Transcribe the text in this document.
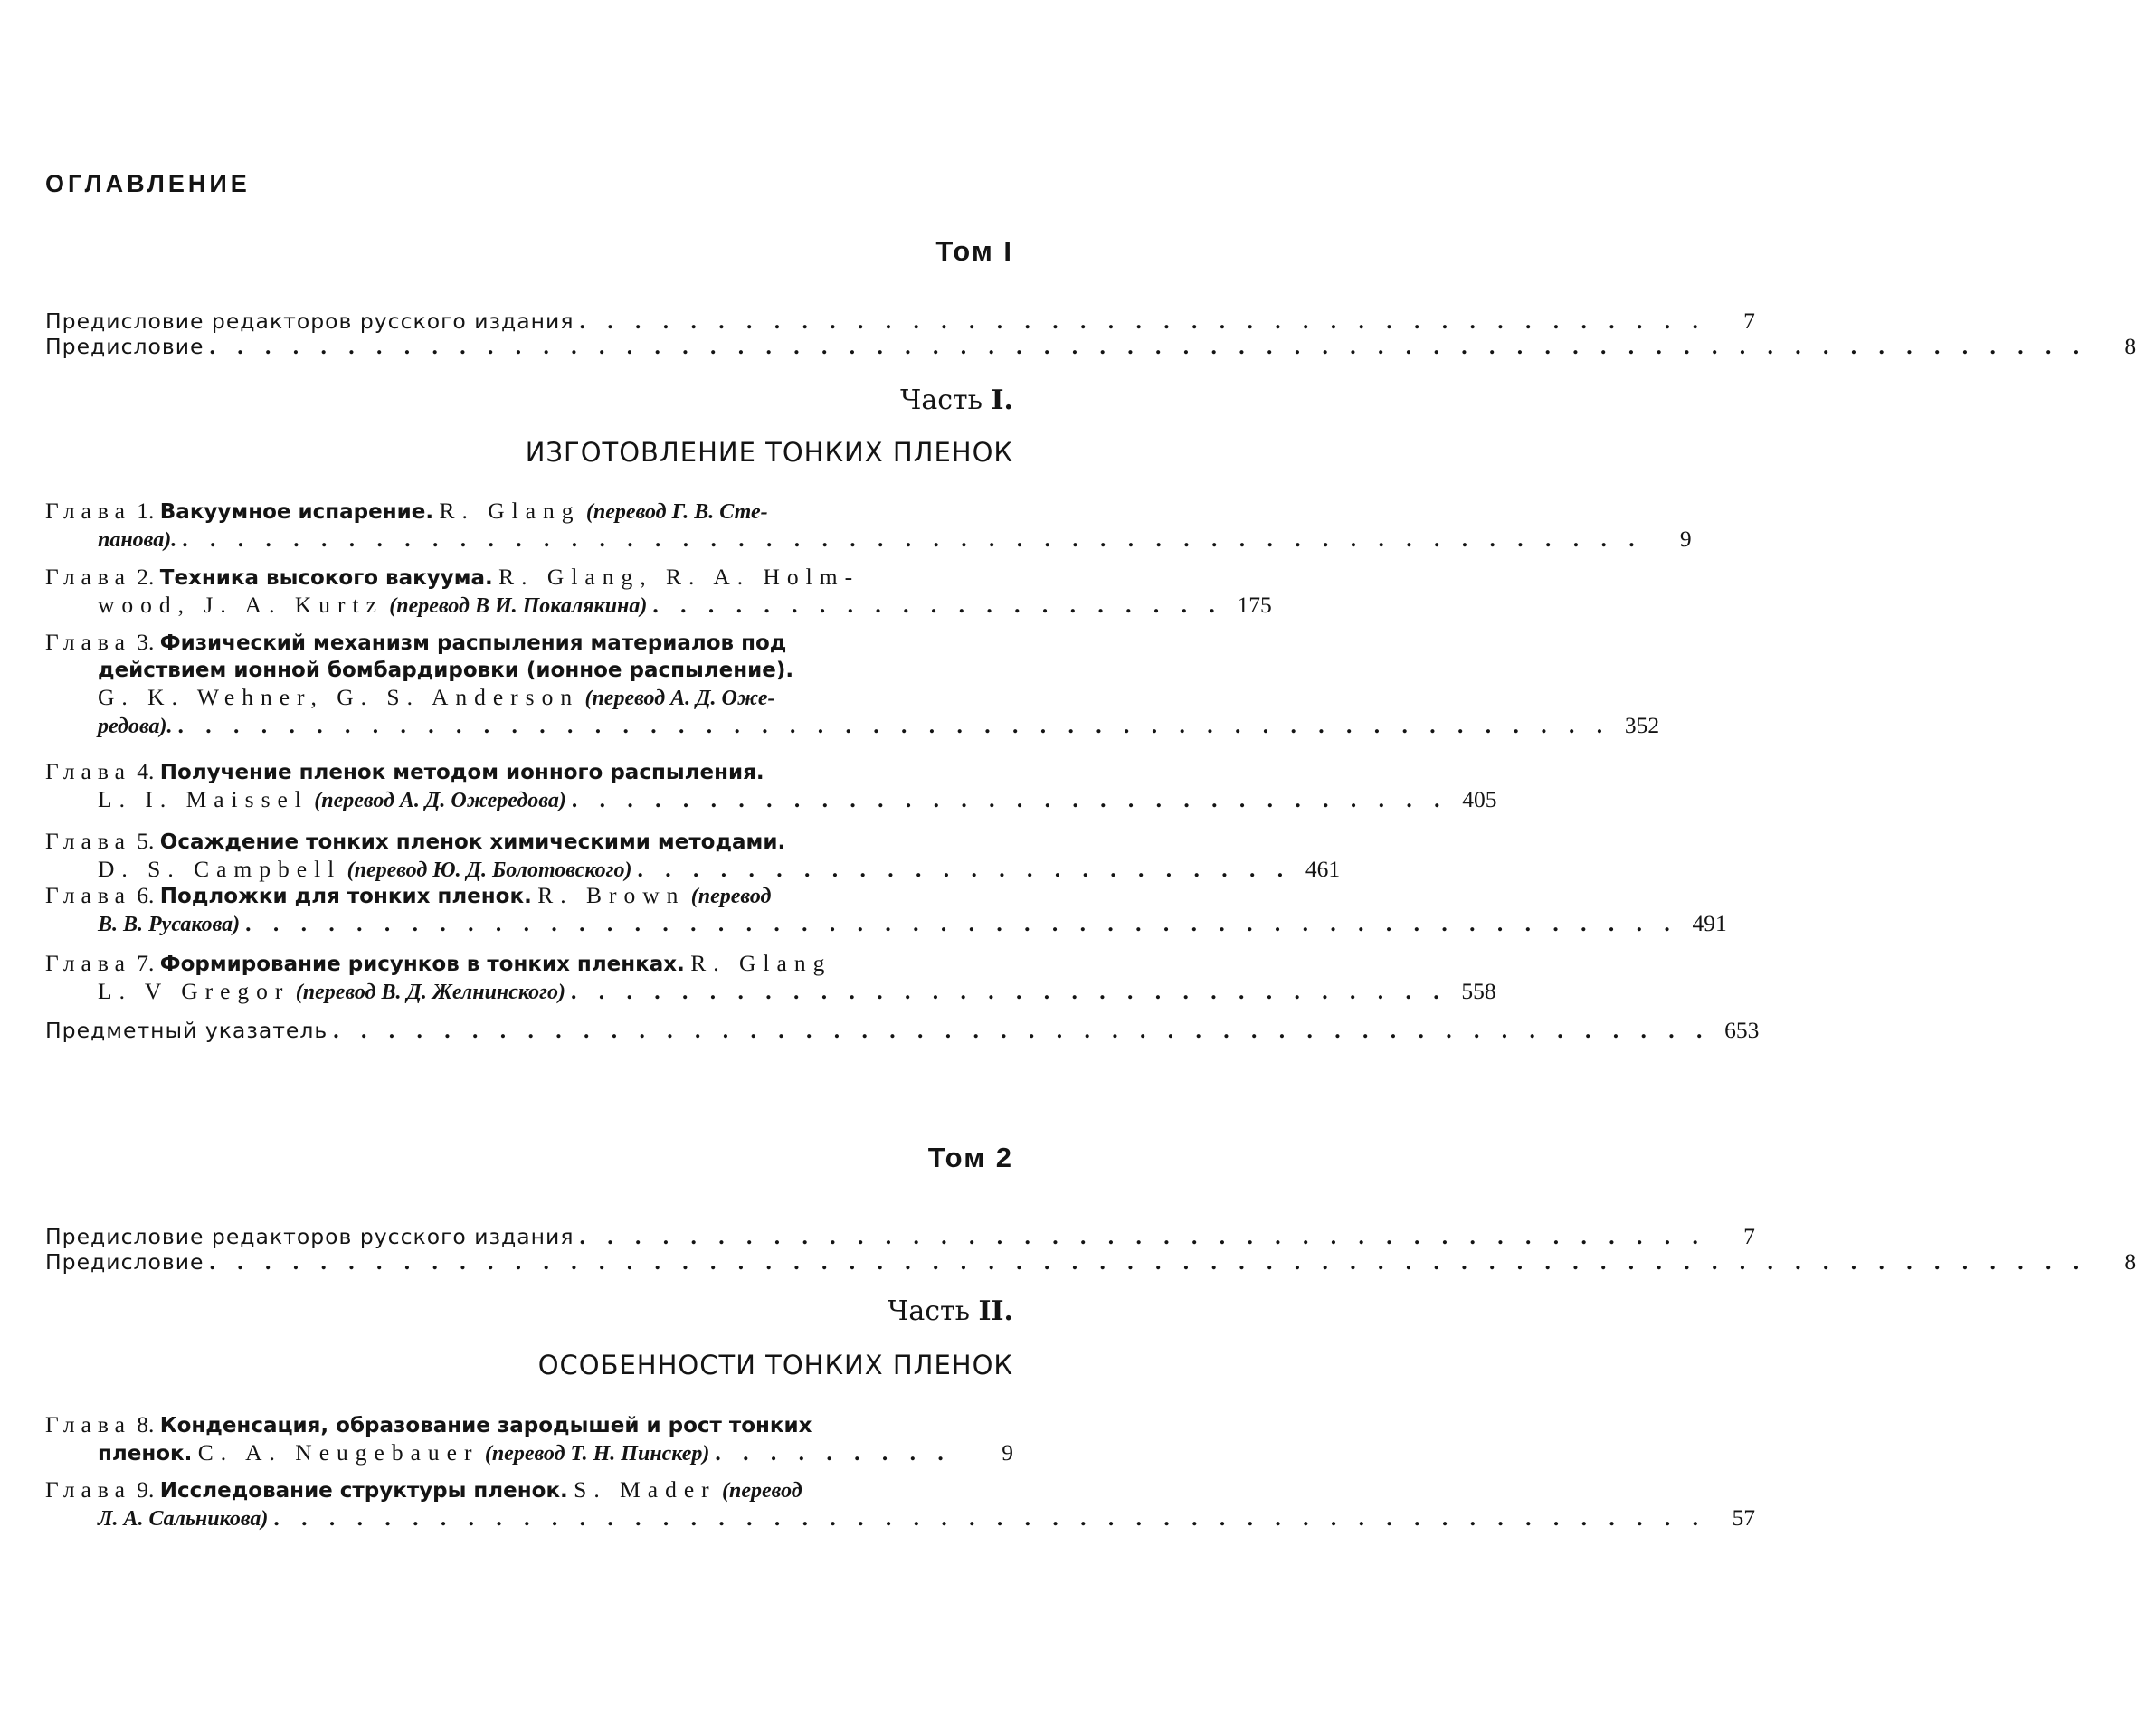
ОГЛАВЛЕНИЕ
Том I
Предисловие редакторов русского издания . . . . . . . . . . . . . . . . . . . . . . . . . . . . . . . . . . . . . . . . .	7
Предисловие . . . . . . . . . . . . . . . . . . . . . . . . . . . . . . . . . . . . . . . . . . . . . . . . . . . . . . . . . . . . . . . . . . . .	8
Часть I.
ИЗГОТОВЛЕНИЕ ТОНКИХ ПЛЕНОК
Глава
1.
Вакуумное испарение.
R. Glang
(перевод Г. В. Сте-
панова). . . . . . . . . . . . . . . . . . . . . . . . . . . . . . . . . . . . . . . . . . . . . . . . . . . . . .	9
Глава
2.
Техника высокого вакуума.
R. Glang, R. A. Holm-
wood, J. A. Kurtz
(перевод В И. Покалякина) . . . . . . . . . . . . . . . . . . . . . 175
Глава 3. Физический механизм распыления материалов под
действием ионной бомбардировки (ионное распыление).
G. K. Wehner, G. S. Anderson
(перевод А. Д. Оже-
редова). . . . . . . . . . . . . . . . . . . . . . . . . . . . . . . . . . . . . . . . . . . . . . . . . . . . . 352
Глава
4.
Получение пленок методом ионного распыления.
L. I. Maissel
(перевод А. Д. Ожередова) . . . . . . . . . . . . . . . . . . . . . . . . . . . . . . . . 405
Глава
5.
Осаждение тонких пленок химическими методами.
D. S. Campbell
(перевод Ю. Д. Болотовского) . . . . . . . . . . . . . . . . . . . . . . . . 461
Глава
6.
Подложки для тонких пленок.
R. Brown
(перевод
В. В. Русакова) . . . . . . . . . . . . . . . . . . . . . . . . . . . . . . . . . . . . . . . . . . . . . . . . . . . . 491
Глава
7.
Формирование рисунков в тонких пленках.
R. Glang
L. V Gregor
(перевод В. Д. Желнинского) . . . . . . . . . . . . . . . . . . . . . . . . . . . . . . . . 558
Предметный указатель . . . . . . . . . . . . . . . . . . . . . . . . . . . . . . . . . . . . . . . . . . . . . . . . . . 653
Том 2
Предисловие редакторов русского издания . . . . . . . . . . . . . . . . . . . . . . . . . . . . . . . . . . . . . . . . .	7
Предисловие . . . . . . . . . . . . . . . . . . . . . . . . . . . . . . . . . . . . . . . . . . . . . . . . . . . . . . . . . . . . . . . . . . . .	8
Часть II.
ОСОБЕННОСТИ ТОНКИХ ПЛЕНОК
Глава
8.
Конденсация, образование зародышей и рост тонких
пленок.
C. A. Neugebauer
(перевод Т. Н. Пинскер) . . . . . . . . .	9
Глава
9.
Исследование структуры пленок.
S. Mader
(перевод
Л. А. Сальникова) . . . . . . . . . . . . . . . . . . . . . . . . . . . . . . . . . . . . . . . . . . . . . . . . . . . .	57
